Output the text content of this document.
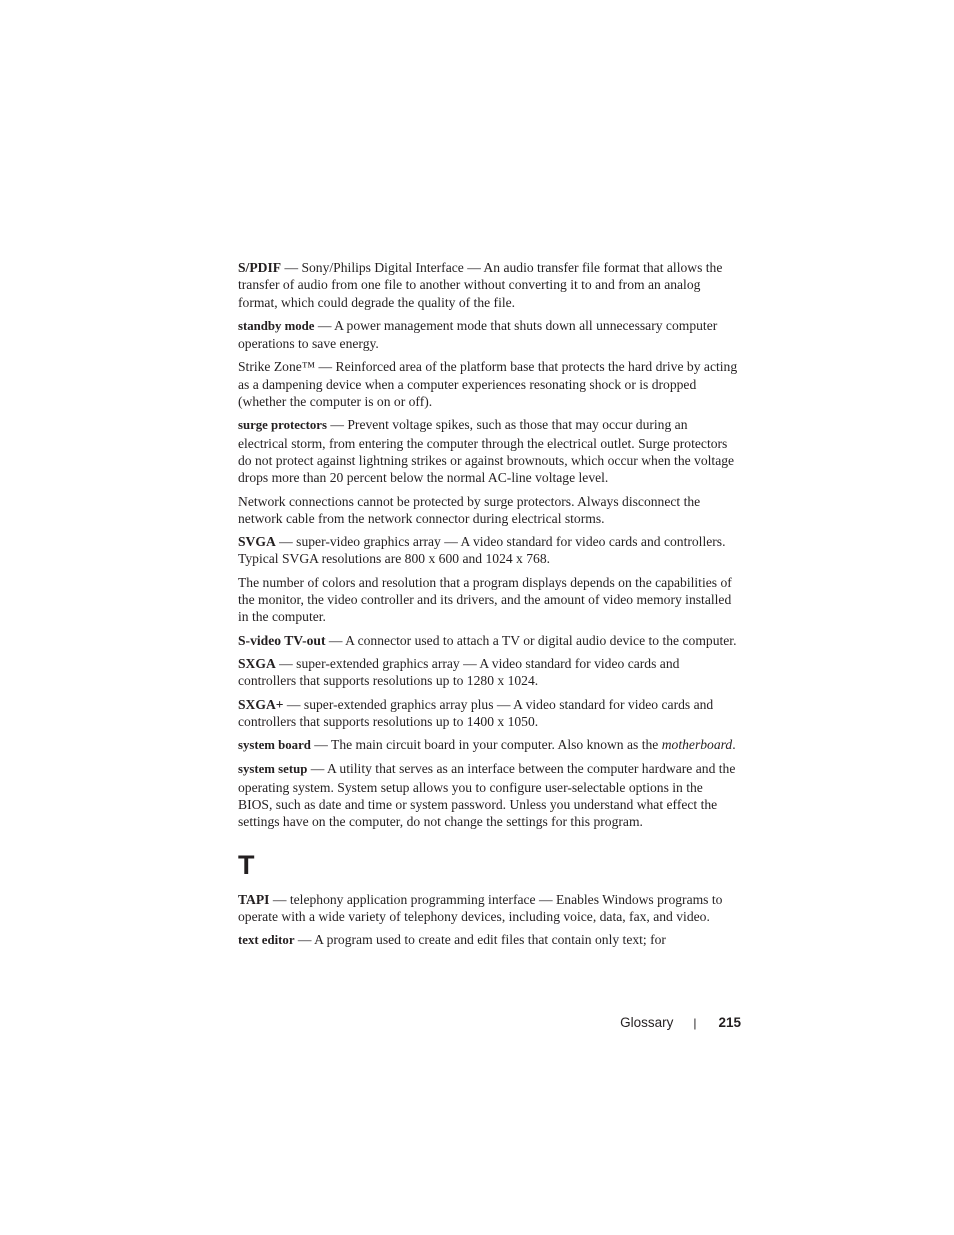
S/PDIF — Sony/Philips Digital Interface — An audio transfer file format that allows the transfer of audio from one file to another without converting it to and from an analog format, which could degrade the quality of the file.

standby mode — A power management mode that shuts down all unnecessary computer operations to save energy.

Strike Zone™ — Reinforced area of the platform base that protects the hard drive by acting as a dampening device when a computer experiences resonating shock or is dropped (whether the computer is on or off).

surge protectors — Prevent voltage spikes, such as those that may occur during an electrical storm, from entering the computer through the electrical outlet. Surge protectors do not protect against lightning strikes or against brownouts, which occur when the voltage drops more than 20 percent below the normal AC-line voltage level.

Network connections cannot be protected by surge protectors. Always disconnect the network cable from the network connector during electrical storms.

SVGA — super-video graphics array — A video standard for video cards and controllers. Typical SVGA resolutions are 800 x 600 and 1024 x 768.

The number of colors and resolution that a program displays depends on the capabilities of the monitor, the video controller and its drivers, and the amount of video memory installed in the computer.

S-video TV-out — A connector used to attach a TV or digital audio device to the computer.

SXGA — super-extended graphics array — A video standard for video cards and controllers that supports resolutions up to 1280 x 1024.

SXGA+ — super-extended graphics array plus — A video standard for video cards and controllers that supports resolutions up to 1400 x 1050.

system board — The main circuit board in your computer. Also known as the motherboard.

system setup — A utility that serves as an interface between the computer hardware and the operating system. System setup allows you to configure user-selectable options in the BIOS, such as date and time or system password. Unless you understand what effect the settings have on the computer, do not change the settings for this program.

T

TAPI — telephony application programming interface — Enables Windows programs to operate with a wide variety of telephony devices, including voice, data, fax, and video.

text editor — A program used to create and edit files that contain only text; for

Glossary | 215
